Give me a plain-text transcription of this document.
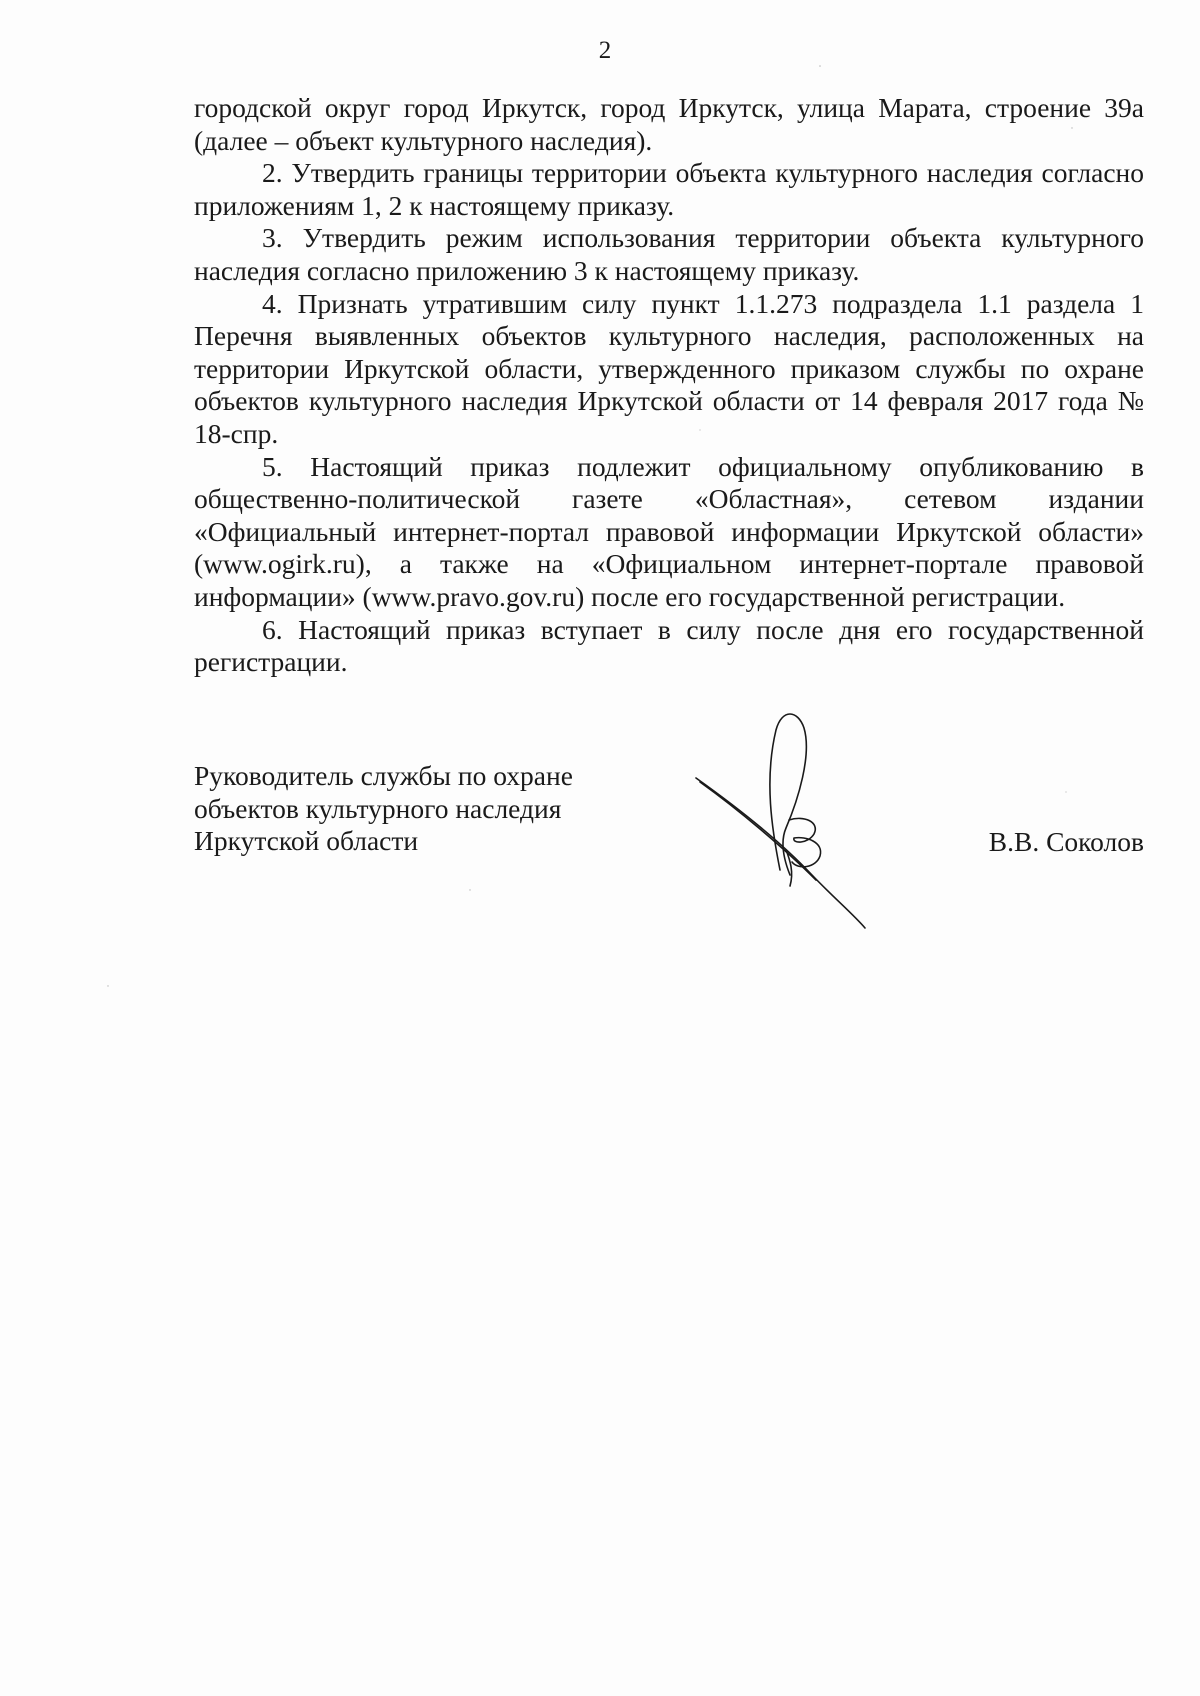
2

городской округ город Иркутск, город Иркутск, улица Марата, строение 39а (далее – объект культурного наследия).

2. Утвердить границы территории объекта культурного наследия согласно приложениям 1, 2 к настоящему приказу.

3. Утвердить режим использования территории объекта культурного наследия согласно приложению 3 к настоящему приказу.

4. Признать утратившим силу пункт 1.1.273 подраздела 1.1 раздела 1 Перечня выявленных объектов культурного наследия, расположенных на территории Иркутской области, утвержденного приказом службы по охране объектов культурного наследия Иркутской области от 14 февраля 2017 года № 18-спр.

5. Настоящий приказ подлежит официальному опубликованию в общественно-политической газете «Областная», сетевом издании «Официальный интернет-портал правовой информации Иркутской области» (www.ogirk.ru), а также на «Официальном интернет-портале правовой информации» (www.pravo.gov.ru) после его государственной регистрации.

6. Настоящий приказ вступает в силу после дня его государственной регистрации.

Руководитель службы по охране
объектов культурного наследия
Иркутской области	В.В. Соколов
